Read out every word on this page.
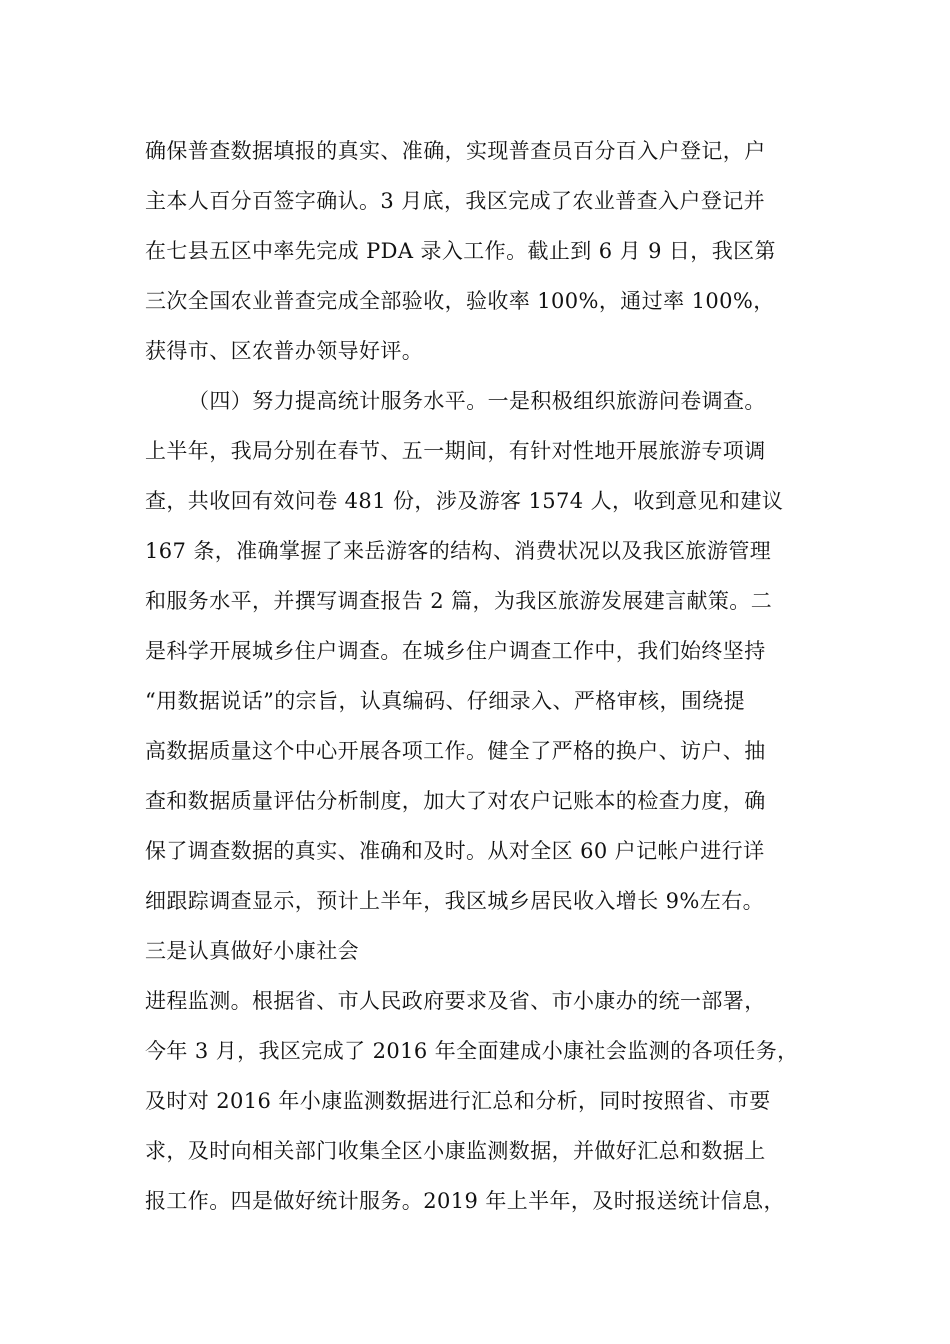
确保普查数据填报的真实、准确，实现普查员百分百入户登记，户
主本人百分百签字确认。3 月底，我区完成了农业普查入户登记并
在七县五区中率先完成 PDA 录入工作。截止到 6 月 9 日，我区第
三次全国农业普查完成全部验收，验收率 100%，通过率 100%，
获得市、区农普办领导好评。
（四）努力提高统计服务水平。一是积极组织旅游问卷调查。
上半年，我局分别在春节、五一期间，有针对性地开展旅游专项调
查，共收回有效问卷 481 份，涉及游客 1574 人，收到意见和建议
167 条，准确掌握了来岳游客的结构、消费状况以及我区旅游管理
和服务水平，并撰写调查报告 2 篇，为我区旅游发展建言献策。二
是科学开展城乡住户调查。在城乡住户调查工作中，我们始终坚持
“用数据说话”的宗旨，认真编码、仔细录入、严格审核，围绕提
高数据质量这个中心开展各项工作。健全了严格的换户、访户、抽
查和数据质量评估分析制度，加大了对农户记账本的检查力度，确
保了调查数据的真实、准确和及时。从对全区 60 户记帐户进行详
细跟踪调查显示，预计上半年，我区城乡居民收入增长 9%左右。
三是认真做好小康社会
进程监测。根据省、市人民政府要求及省、市小康办的统一部署，
今年 3 月，我区完成了 2016 年全面建成小康社会监测的各项任务，
及时对 2016 年小康监测数据进行汇总和分析，同时按照省、市要
求，及时向相关部门收集全区小康监测数据，并做好汇总和数据上
报工作。四是做好统计服务。2019 年上半年，及时报送统计信息，
